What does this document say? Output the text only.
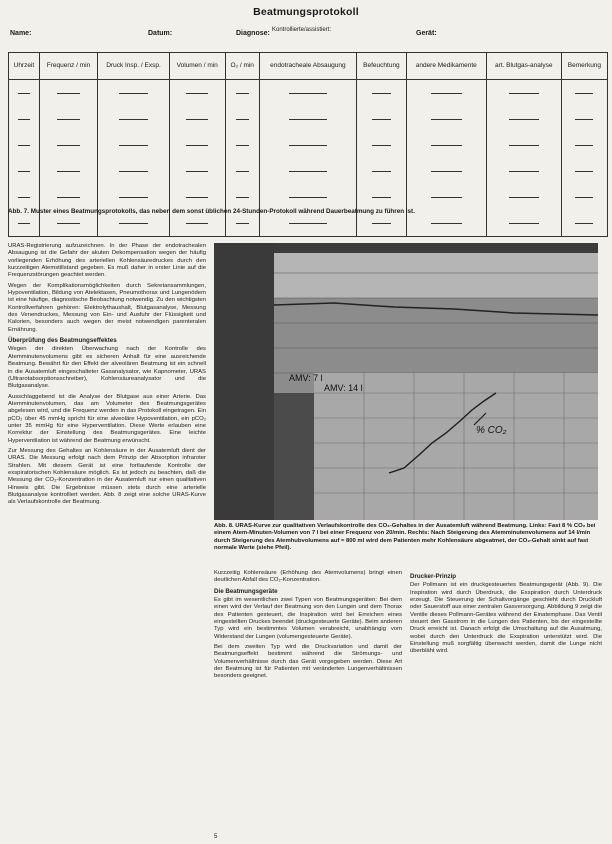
Beatmungsprotokoll
Name:	Datum:	Diagnose: Kontrollierte/assistiert:	Gerät:
Uhrzeit	Frequenz / min	Druck Insp. / Exsp.	Volumen / min	O₂ / min	endotracheale Absaugung	Befeuchtung	andere Medikamente	art. Blutgas-analyse	Bemerkung

Abb. 7. Muster eines Beatmungsprotokolls, das neben dem sonst üblichen 24-Stunden-Protokoll während Dauerbeatmung zu führen ist.

URAS-Registrierung aufzuzeichnen. In der Phase der endotrachealen Absaugung ist die Gefahr der akuten Dekompensation wegen der häufig vorliegenden Erhöhung des arteriellen Kohlensäuredruckes durch den kurzzeitigen Atemstillstand gegeben. Es muß daher in erster Linie auf die Frequenzstörungen geachtet werden.

Wegen der Komplikationsmöglichkeiten durch Sekretansammlungen, Hypoventilation, Bildung von Atelektasen, Pneumothorax und Lungenödem ist eine häufige, diagnostische Beobachtung notwendig. Zu den wichtigsten Kontrollverfahren gehören: Elektrolythaushalt, Blutgasanalyse, Messung des Venendruckes, Messung von Ein- und Ausfuhr der Flüssigkeit und Kalorien, besonders auch wegen der meist notwendigen parenteralen Ernährung.

Überprüfung des Beatmungseffektes

Wegen der direkten Überwachung nach der Kontrolle des Atemminutenvolumens gibt es sicheren Anhalt für eine ausreichende Beatmung. Bewährt für den Effekt der alveolären Beatmung ist ein schnell in die Ausatemluft eingeschalteter Gasanalysator, wie Kapnometer, URAS (Ultrarotabsorptionsschreiber), Kohlensäureanalysator und die Blutgasanalyse.

Ausschlaggebend ist die Analyse der Blutgase aus einer Arterie. Das Atemminutenvolumen, das am Volumeter des Beatmungsgerätes abgelesen wird, und die Frequenz werden in das Protokoll eingetragen. Ein pCO₂ über 45 mmHg spricht für eine alveoläre Hypoventilation, ein pCO₂ unter 35 mmHg für eine Hyperventilation. Diese Werte erlauben eine Korrektur der Einstellung des Beatmungsgerätes. Eine leichte Hyperventilation ist während der Beatmung erwünscht.

Zur Messung des Gehaltes an Kohlensäure in der Ausatemluft dient der URAS. Die Messung erfolgt nach dem Prinzip der Absorption infraroter Strahlen. Mit diesem Gerät ist eine fortlaufende Kontrolle der exspiratorischen Kohlensäure möglich. Es ist jedoch zu beachten, daß die Messung der CO₂-Konzentration in der Ausatemluft nur einen qualitativen Hinweis gibt. Die Ergebnisse müssen stets durch eine arterielle Blutgasanalyse kontrolliert werden. Abb. 8 zeigt eine solche URAS-Kurve als Verlaufskontrolle der Beatmung.

AMV: 7 l
AMV: 14 l
% CO₂
Abb. 8. URAS-Kurve zur qualitativen Verlaufskontrolle des CO₂-Gehaltes in der Ausatemluft während Beatmung. Links: Fast 8 % CO₂ bei einem Atem-Minuten-Volumen von 7 l bei einer Frequenz von 20/min. Rechts: Nach Steigerung des Atemminutenvolumens auf 14 l/min durch Steigerung des Atemhubvolumens auf ≈ 800 ml wird dem Patienten mehr Kohlensäure abgeatmet, der CO₂-Gehalt sinkt auf fast normale Werte (siehe Pfeil).

Kurzzeitig Kohlensäure (Erhöhung des Atemvolumens) bringt einen deutlichen Abfall des CO₂-Konzentration.

Die Beatmungsgeräte

Es gibt im wesentlichen zwei Typen von Beatmungsgeräten: Bei dem einen wird der Verlauf der Beatmung von den Lungen und dem Thorax des Patienten gesteuert, die Inspiration wird bei Erreichen eines eingestellten Druckes beendet (druckgesteuerte Geräte). Beim anderen Typ wird ein bestimmtes Volumen verabreicht, unabhängig vom Widerstand der Lungen (volumengesteuerte Geräte).

Bei dem zweiten Typ wird die Druckvariation und damit der Beatmungseffekt bestimmt während die Strömungs- und Volumenverhältnisse durch das Gerät vorgegeben werden. Diese Art der Beatmung ist für Patienten mit veränderten Lungenverhältnissen besonders geeignet.

Drucker-Prinzip

Der Pollmann ist ein druckgesteuertes Beatmungsgerät (Abb. 9). Die Inspiration wird durch Überdruck, die Exspiration durch Unterdruck erzeugt. Die Steuerung der Schaltvorgänge geschieht durch Druckluft oder Sauerstoff aus einer zentralen Gasversorgung. Abbildung 9 zeigt die Ventile dieses Pollmann-Gerätes während der Einatemphase. Das Ventil steuert den Gasstrom in die Lungen des Patienten, bis der eingestellte Druck erreicht ist. Danach erfolgt die Umschaltung auf die Ausatmung, wobei durch den Unterdruck die Exspiration unterstützt wird. Die Einstellung muß sorgfältig überwacht werden, damit die Lunge nicht überbläht wird.

5
